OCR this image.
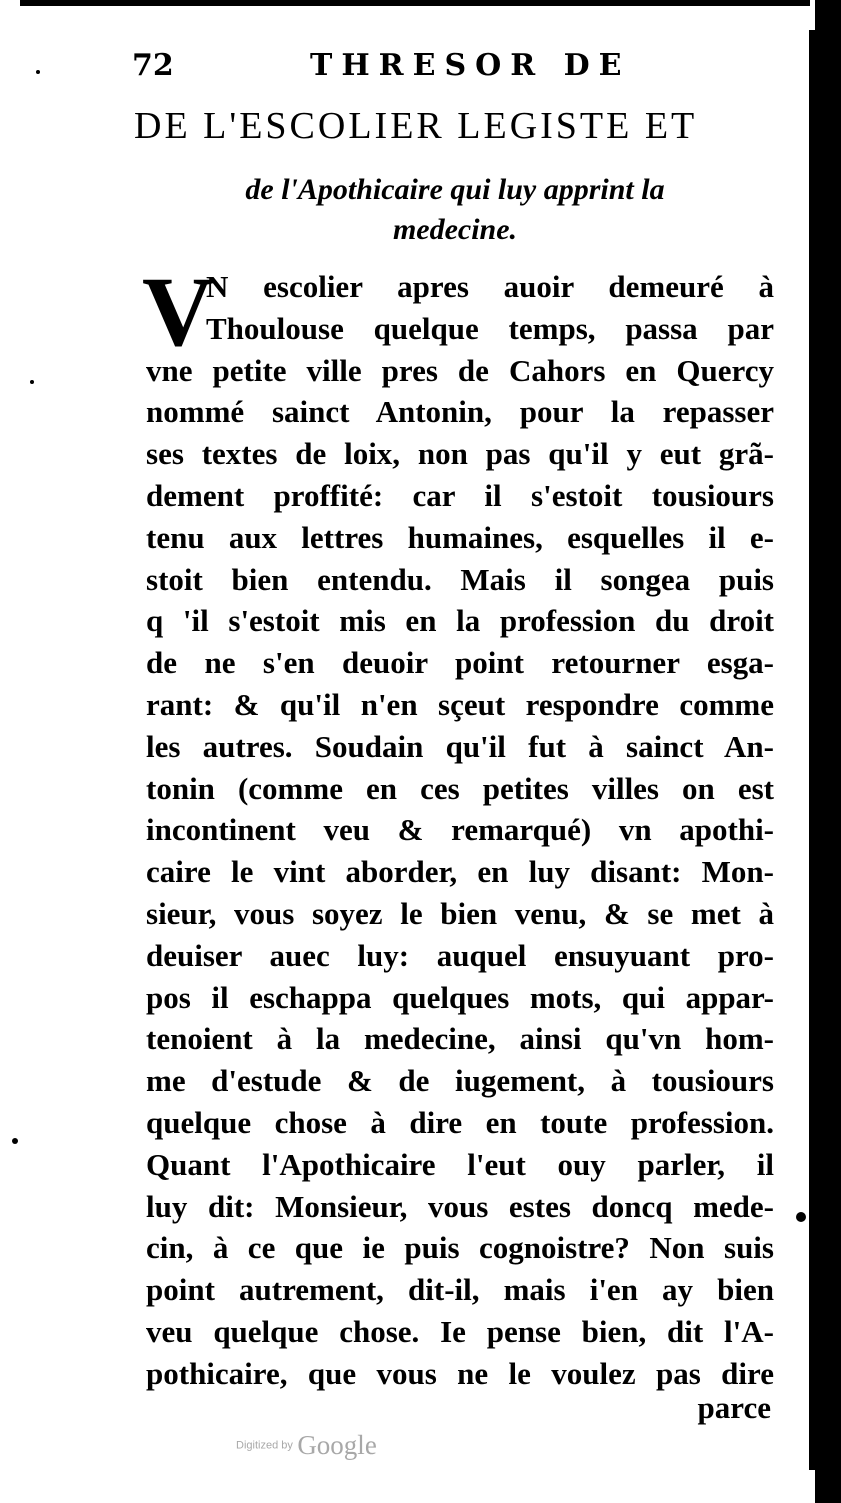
72	THRESOR DE
DE L'ESCOLIER LEGISTE ET
de l'Apothicaire qui luy apprint la
medecine.
V
N escolier apres auoir demeuré à
Thoulouse quelque temps, passa par
vne petite ville pres de Cahors en Quercy
nommé sainct Antonin, pour la repasser
ses textes de loix, non pas qu'il y eut grã-
dement proffité: car il s'estoit tousiours
tenu aux lettres humaines, esquelles il e-
stoit bien entendu. Mais il songea puis
q 'il s'estoit mis en la profession du droit
de ne s'en deuoir point retourner esga-
rant: & qu'il n'en sçeut respondre comme
les autres. Soudain qu'il fut à sainct An-
tonin (comme en ces petites villes on est
incontinent veu & remarqué) vn apothi-
caire le vint aborder, en luy disant: Mon-
sieur, vous soyez le bien venu, & se met à
deuiser auec luy: auquel ensuyuant pro-
pos il eschappa quelques mots, qui appar-
tenoient à la medecine, ainsi qu'vn hom-
me d'estude & de iugement, à tousiours
quelque chose à dire en toute profession.
Quant l'Apothicaire l'eut ouy parler, il
luy dit: Monsieur, vous estes doncq mede-
cin, à ce que ie puis cognoistre? Non suis
point autrement, dit-il, mais i'en ay bien
veu quelque chose. Ie pense bien, dit l'A-
pothicaire, que vous ne le voulez pas dire
parce
Digitized by Google
